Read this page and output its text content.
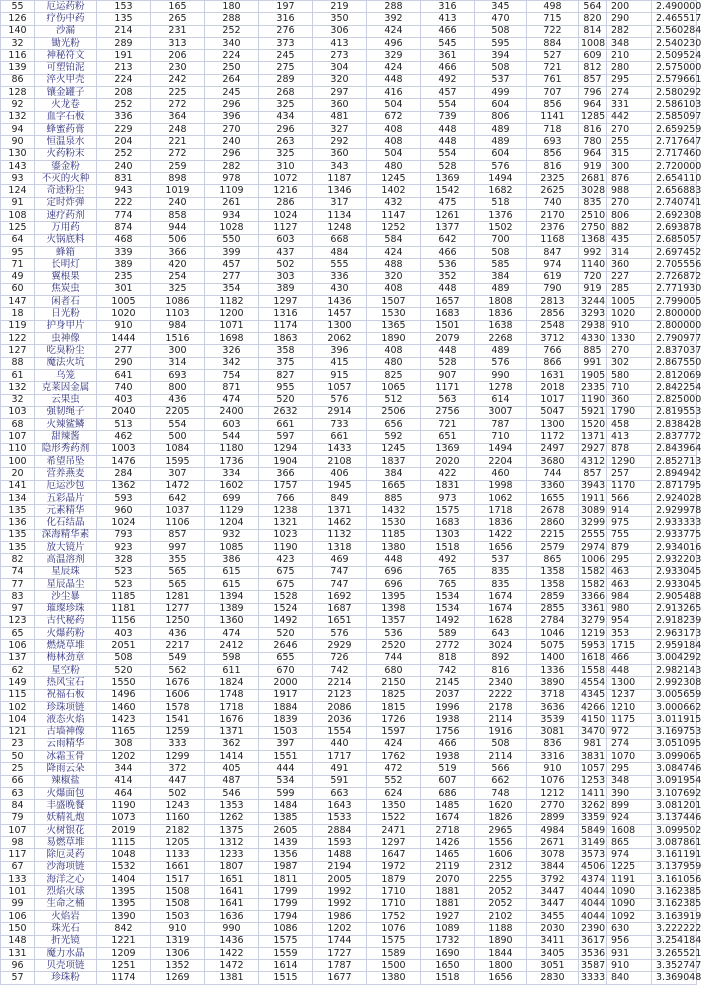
55	厄运药粉	153	165	180	197	219	288	316	345	498	564	200	2.490000	
126	疗伤中药	135	265	288	316	350	392	413	470	715	820	290	2.465517	
140	沙漏	214	231	252	276	306	424	466	508	722	814	282	2.560284	
32	锄光粉	289	313	340	373	413	496	545	595	884	1008	348	2.540230	
116	神秘符文	191	206	224	245	273	329	361	394	527	609	210	2.509524	
139	可塑铂泥	213	230	250	275	304	424	466	508	721	812	280	2.575000	
86	淬火甲壳	224	242	264	289	320	448	492	537	761	857	295	2.579661	
128	镶金罐子	208	225	245	268	297	416	457	499	707	796	274	2.580292	
92	火龙卷	252	272	296	325	360	504	554	604	856	964	331	2.586103	
132	血字石板	336	364	396	434	481	672	739	806	1141	1285	442	2.585097	
94	蜂蜜药膏	229	248	270	296	327	408	448	489	718	816	270	2.659259	
90	恒温泉水	204	221	240	263	292	408	448	489	693	780	255	2.717647	
130	火药粉末	252	272	296	325	360	504	554	604	856	964	315	2.717460	
143	鎏金粉	240	259	282	310	343	480	528	576	816	919	300	2.720000	
93	不灭的火种	831	898	978	1072	1187	1245	1369	1494	2325	2681	876	2.654110	
124	奇迹粉尘	943	1019	1109	1216	1346	1402	1542	1682	2625	3028	988	2.656883	
91	定时炸弹	222	240	261	286	317	432	475	518	740	835	270	2.740741	
108	速疗药剂	774	858	934	1024	1134	1147	1261	1376	2170	2510	806	2.692308	
125	万用药	874	944	1028	1127	1248	1252	1377	1502	2376	2750	882	2.693878	
64	火锅底料	468	506	550	603	668	584	642	700	1168	1368	435	2.685057	
95	蜂箱	339	366	399	437	484	424	466	508	847	992	314	2.697452	
71	长明灯	389	420	457	502	555	488	536	585	974	1140	360	2.705556	
49	翼根果	235	254	277	303	336	320	352	384	619	720	227	2.726872	
60	焦炭虫	301	325	354	389	430	408	448	489	790	919	285	2.771930	
147	闲者石	1005	1086	1182	1297	1436	1507	1657	1808	2813	3244	1005	2.799005	
18	日光粉	1020	1103	1200	1316	1457	1530	1683	1836	2856	3293	1020	2.800000	
119	护身甲片	910	984	1071	1174	1300	1365	1501	1638	2548	2938	910	2.800000	
122	虫神像	1444	1516	1698	1863	2062	1890	2079	2268	3712	4330	1330	2.790977	
127	吃臭粉尘	277	300	326	358	396	408	448	489	766	885	270	2.837037	
88	魔法火坑	290	314	342	375	415	480	528	576	866	991	302	2.867550	
61	乌笼	641	693	754	827	915	825	907	990	1631	1905	580	2.812069	
132	克莱因金属	740	800	871	955	1057	1065	1171	1278	2018	2335	710	2.842254	
32	云果虫	403	436	474	520	576	512	563	614	1017	1190	360	2.825000	
103	强韧绳子	2040	2205	2400	2632	2914	2506	2756	3007	5047	5921	1790	2.819553	
68	火辣鲨鳞	513	554	603	661	733	656	721	787	1300	1520	458	2.838428	
107	甜辣酱	462	500	544	597	661	592	651	710	1172	1371	413	2.837772	
110	隐形秀药剂	1003	1084	1180	1294	1433	1245	1369	1494	2497	2927	878	2.843964	
100	希望吊坠	1476	1595	1736	1904	2108	1837	2020	2204	3680	4312	1290	2.852713	
20	营养燕麦	284	307	334	366	406	384	422	460	744	857	257	2.894942	
141	厄运沙包	1362	1472	1602	1757	1945	1665	1831	1998	3360	3943	1170	2.871795	
134	五彩晶片	593	642	699	766	849	885	973	1062	1655	1911	566	2.924028	
135	元素精华	960	1037	1129	1238	1371	1432	1575	1718	2678	3089	914	2.929978	
136	化石结晶	1024	1106	1204	1321	1462	1530	1683	1836	2860	3299	975	2.933333	
135	深海精华素	793	857	932	1023	1132	1185	1303	1422	2215	2555	755	2.933775	
135	放大镜片	923	997	1085	1190	1318	1380	1518	1656	2579	2974	879	2.934016	
82	高温溶剂	328	355	386	423	469	448	492	537	865	1006	295	2.932203	
74	星辰珠	523	565	615	675	747	696	765	835	1358	1582	463	2.933045	
77	星辰晶尘	523	565	615	675	747	696	765	835	1358	1582	463	2.933045	
83	沙尘暴	1185	1281	1394	1528	1692	1395	1534	1674	2859	3366	984	2.905488	
97	璀璨珍珠	1181	1277	1389	1524	1687	1398	1534	1674	2855	3361	980	2.913265	
123	古代秘药	1156	1250	1360	1492	1651	1357	1492	1628	2784	3279	954	2.918239	
65	火爆药粉	403	436	474	520	576	536	589	643	1046	1219	353	2.963173	
106	燃烧草堆	2051	2217	2412	2646	2929	2520	2772	3024	5075	5953	1715	2.959184	
137	梅林劲章	508	549	598	655	726	744	818	892	1400	1618	466	3.004292	
62	星空粉	520	562	611	670	742	680	742	816	1336	1558	448	2.982143	
149	热风宝石	1550	1676	1824	2000	2214	2150	2145	2340	3890	4554	1300	2.992308	
115	祝福石板	1496	1606	1748	1917	2123	1825	2037	2222	3718	4345	1237	3.005659	
102	珍珠项链	1460	1578	1718	1884	2086	1815	1996	2178	3636	4266	1210	3.000662	
104	液态火焰	1423	1541	1676	1839	2036	1726	1938	2114	3539	4150	1175	3.011915	
121	古墙神像	1165	1259	1371	1503	1554	1597	1756	1916	3081	3470	972	3.169753	
23	云雨精华	308	333	362	397	440	424	466	508	836	981	274	3.051095	
50	冰霜玉骨	1202	1299	1414	1551	1717	1762	1938	2114	3316	3831	1070	3.099065	
25	降雨云朵	344	372	405	444	491	472	519	566	910	1057	295	3.084746	
66	辣椒盐	414	447	487	534	591	552	607	662	1076	1253	348	3.091954	
63	火爆面包	464	502	546	599	663	624	686	748	1212	1411	390	3.107692	
84	丰盛晚餐	1190	1243	1353	1484	1643	1350	1485	1620	2770	3262	899	3.081201	
79	妖精礼炮	1073	1160	1262	1385	1533	1522	1674	1826	2899	3359	924	3.137446	
107	火树银花	2019	2182	1375	2605	2884	2471	2718	2965	4984	5849	1608	3.099502	
98	易燃草堆	1115	1205	1312	1439	1593	1297	1426	1556	2671	3149	865	3.087861	
117	除厄灵药	1048	1133	1233	1356	1488	1647	1465	1606	3078	3573	974	3.161191	
67	沙海项链	1532	1661	1807	1987	2194	1972	2119	2312	3844	4506	1225	3.137959	
133	海洋之心	1404	1517	1651	1811	2005	1879	2070	2255	3792	4374	1191	3.161056	
101	烈焰火球	1395	1508	1641	1799	1992	1710	1881	2052	3447	4044	1090	3.162385	
99	生命之桶	1395	1508	1641	1799	1992	1710	1881	2052	3447	4044	1090	3.162385	
106	火焰岩	1390	1503	1636	1794	1986	1752	1927	2102	3455	4044	1092	3.163919	
150	珠光石	842	910	990	1086	1202	1076	1089	1188	2030	2390	630	3.222222	
148	折光镜	1221	1319	1436	1575	1744	1575	1732	1890	3411	3617	956	3.254184	
131	魔力水晶	1209	1306	1422	1559	1727	1589	1690	1844	3405	3536	931	3.265521	
96	贝壳项链	1251	1352	1472	1614	1787	1500	1650	1800	3051	3587	910	3.352747	
57	珍珠粉	1174	1269	1381	1515	1677	1380	1518	1656	2830	3333	840	3.369048	
